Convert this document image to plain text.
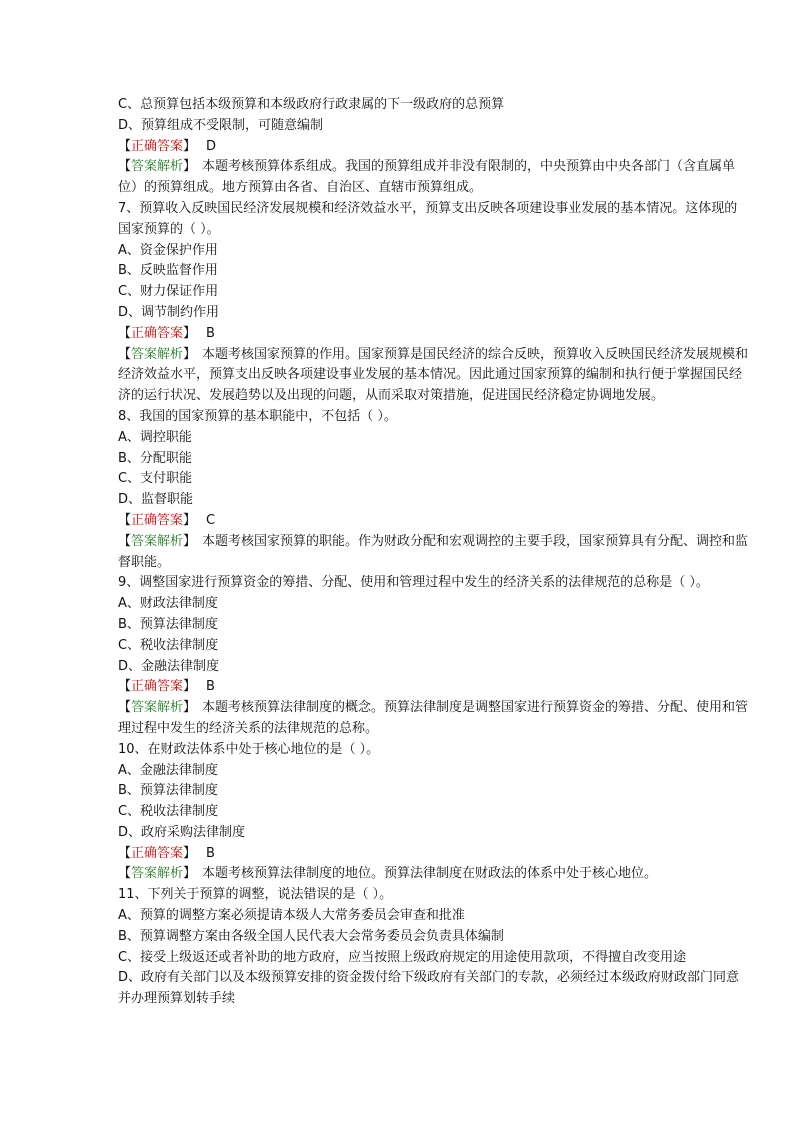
C、总预算包括本级预算和本级政府行政隶属的下一级政府的总预算
D、预算组成不受限制，可随意编制
【正确答案】 D
【答案解析】 本题考核预算体系组成。我国的预算组成并非没有限制的，中央预算由中央各部门（含直属单位）的预算组成。地方预算由各省、自治区、直辖市预算组成。
7、预算收入反映国民经济发展规模和经济效益水平，预算支出反映各项建设事业发展的基本情况。这体现的国家预算的（ ）。
A、资金保护作用
B、反映监督作用
C、财力保证作用
D、调节制约作用
【正确答案】 B
【答案解析】 本题考核国家预算的作用。国家预算是国民经济的综合反映，预算收入反映国民经济发展规模和经济效益水平，预算支出反映各项建设事业发展的基本情况。因此通过国家预算的编制和执行便于掌握国民经济的运行状况、发展趋势以及出现的问题，从而采取对策措施，促进国民经济稳定协调地发展。
8、我国的国家预算的基本职能中，不包括（ ）。
A、调控职能
B、分配职能
C、支付职能
D、监督职能
【正确答案】 C
【答案解析】 本题考核国家预算的职能。作为财政分配和宏观调控的主要手段，国家预算具有分配、调控和监督职能。
9、调整国家进行预算资金的筹措、分配、使用和管理过程中发生的经济关系的法律规范的总称是（ ）。
A、财政法律制度
B、预算法律制度
C、税收法律制度
D、金融法律制度
【正确答案】 B
【答案解析】 本题考核预算法律制度的概念。预算法律制度是调整国家进行预算资金的筹措、分配、使用和管理过程中发生的经济关系的法律规范的总称。
10、在财政法体系中处于核心地位的是（ ）。
A、金融法律制度
B、预算法律制度
C、税收法律制度
D、政府采购法律制度
【正确答案】 B
【答案解析】 本题考核预算法律制度的地位。预算法律制度在财政法的体系中处于核心地位。
11、下列关于预算的调整，说法错误的是（ ）。
A、预算的调整方案必须提请本级人大常务委员会审查和批准
B、预算调整方案由各级全国人民代表大会常务委员会负责具体编制
C、接受上级返还或者补助的地方政府，应当按照上级政府规定的用途使用款项，不得擅自改变用途
D、政府有关部门以及本级预算安排的资金拨付给下级政府有关部门的专款，必须经过本级政府财政部门同意并办理预算划转手续
